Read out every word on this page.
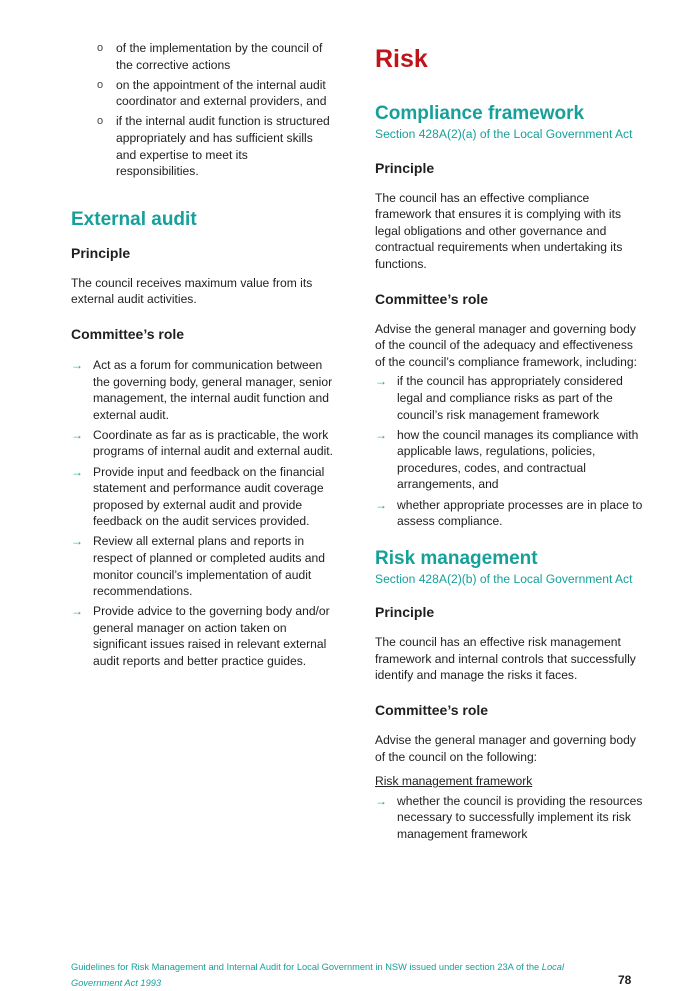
o of the implementation by the council of the corrective actions
o on the appointment of the internal audit coordinator and external providers, and
o if the internal audit function is structured appropriately and has sufficient skills and expertise to meet its responsibilities.
External audit
Principle

The council receives maximum value from its external audit activities.

Committee’s role
→ Act as a forum for communication between the governing body, general manager, senior management, the internal audit function and external audit.
→ Coordinate as far as is practicable, the work programs of internal audit and external audit.
→ Provide input and feedback on the financial statement and performance audit coverage proposed by external audit and provide feedback on the audit services provided.
→ Review all external plans and reports in respect of planned or completed audits and monitor council’s implementation of audit recommendations.
→ Provide advice to the governing body and/or general manager on action taken on significant issues raised in relevant external audit reports and better practice guides.
Risk
Compliance framework

Section 428A(2)(a) of the Local Government Act

Principle

The council has an effective compliance framework that ensures it is complying with its legal obligations and other governance and contractual requirements when undertaking its functions.

Committee’s role

Advise the general manager and governing body of the council of the adequacy and effectiveness of the council’s compliance framework, including:

→ if the council has appropriately considered legal and compliance risks as part of the council’s risk management framework
→ how the council manages its compliance with applicable laws, regulations, policies, procedures, codes, and contractual arrangements, and
→ whether appropriate processes are in place to assess compliance.
Risk management

Section 428A(2)(b) of the Local Government Act

Principle

The council has an effective risk management framework and internal controls that successfully identify and manage the risks it faces.

Committee’s role

Advise the general manager and governing body of the council on the following:

Risk management framework

→ whether the council is providing the resources necessary to successfully implement its risk management framework
Guidelines for Risk Management and Internal Audit for Local Government in NSW issued under section 23A of the Local Government Act 1993	78
